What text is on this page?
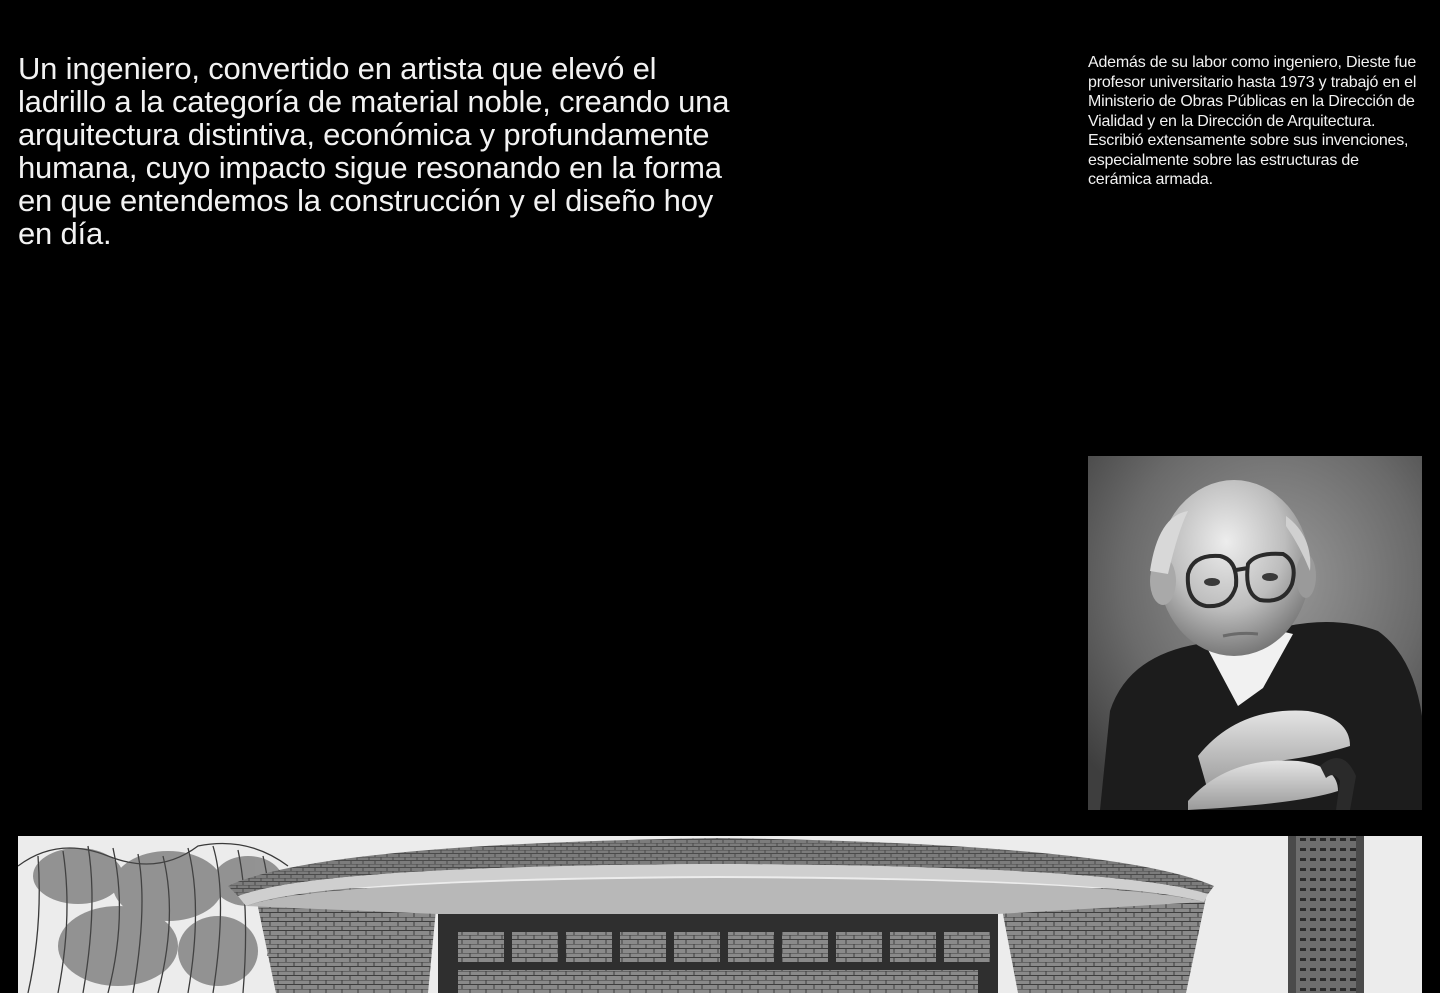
Un ingeniero, convertido en artista que elevó el ladrillo a la categoría de material noble, creando una arquitectura distintiva, económica y profundamente humana, cuyo impacto sigue resonando en la forma en que entendemos la construcción y el diseño hoy en día.

Además de su labor como ingeniero, Dieste fue profesor universitario hasta 1973 y trabajó en el Ministerio de Obras Públicas en la Dirección de Vialidad y en la Dirección de Arquitectura. Escribió extensamente sobre sus invenciones, especialmente sobre las estructuras de cerámica armada.
